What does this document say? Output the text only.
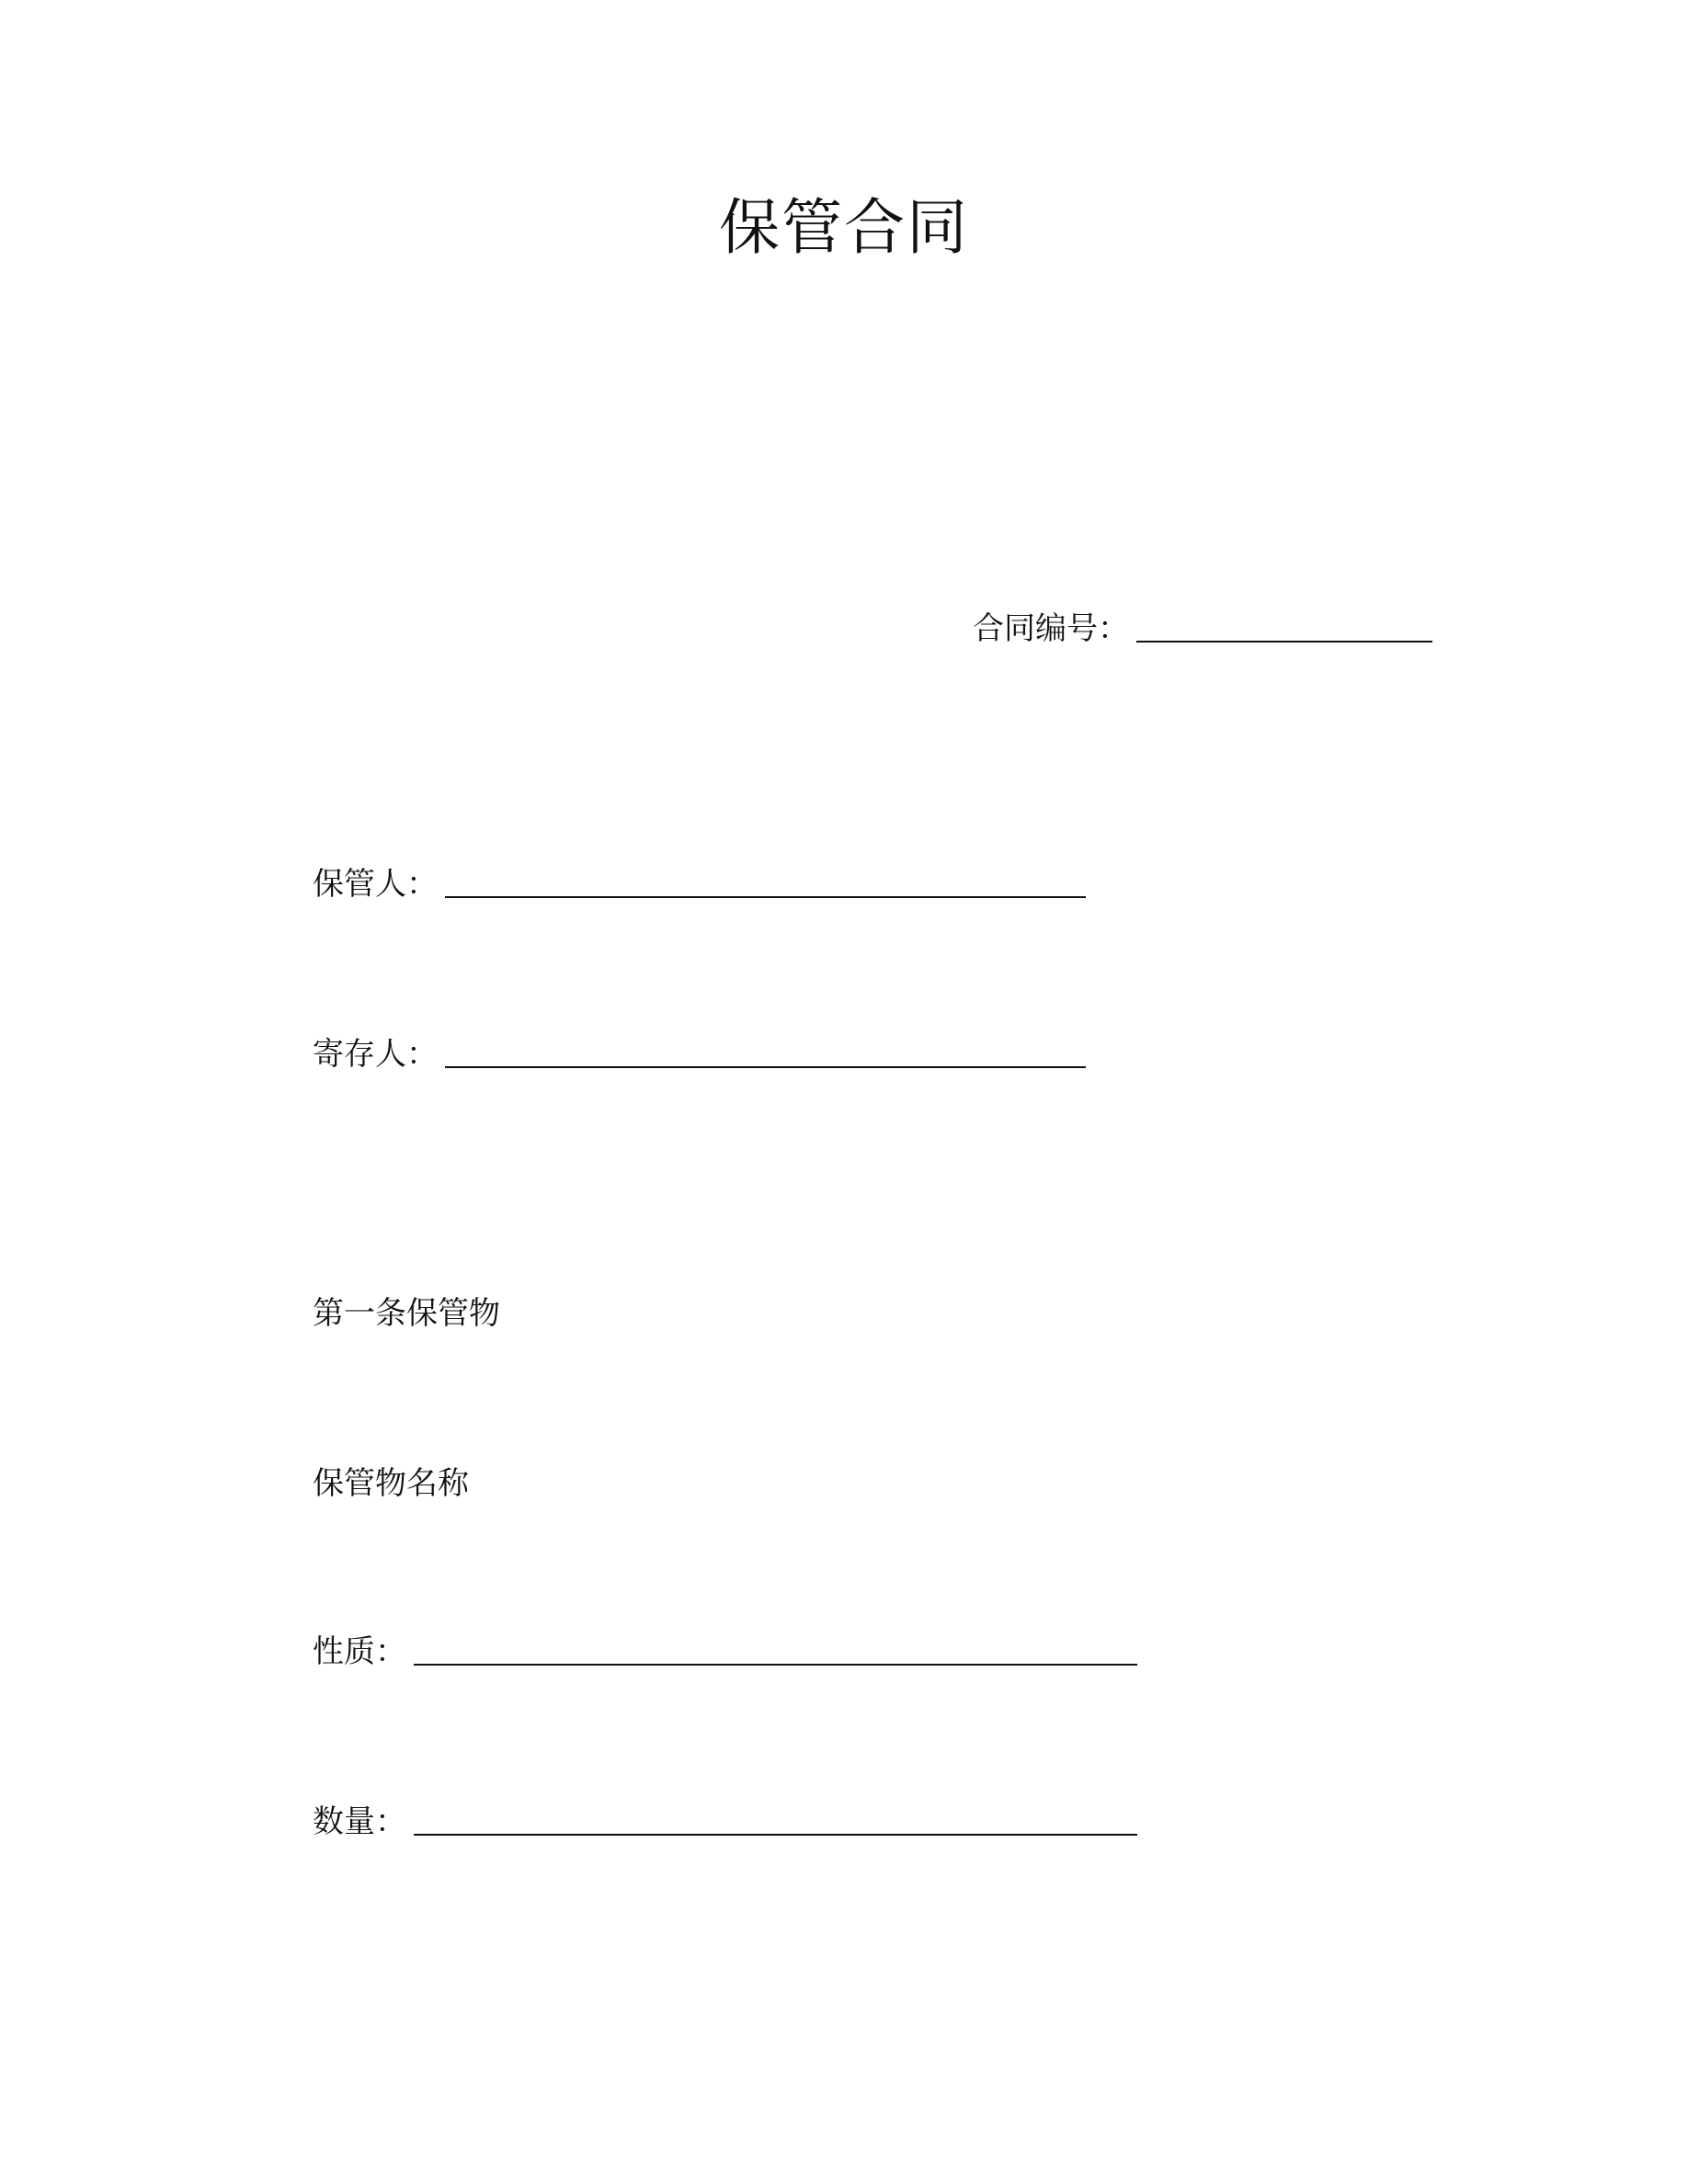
保管合同
合同编号：
保管人：
寄存人：
第一条保管物
保管物名称
性质：
数量：
